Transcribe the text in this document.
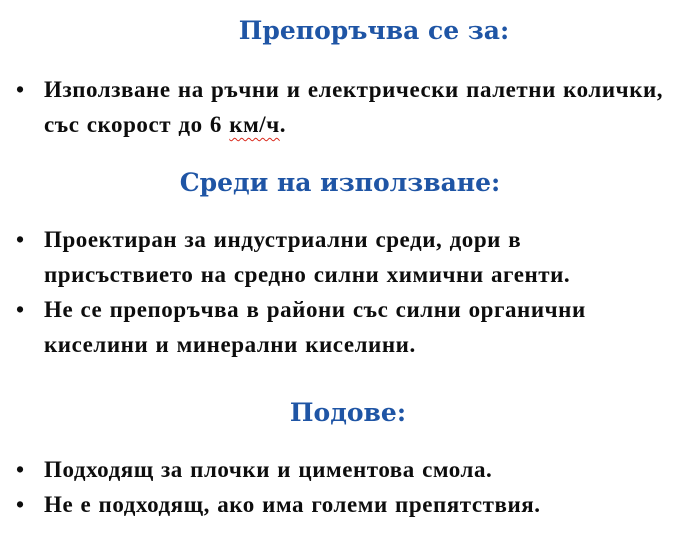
Препоръчва се за:
• Използване на ръчни и електрически палетни колички, със скорост до 6 км/ч.
Среди на използване:
• Проектиран за индустриални среди, дори в присъствието на средно силни химични агенти.
• Не се препоръчва в райони със силни органични киселини и минерални киселини.
Подове:
• Подходящ за плочки и циментова смола.
• Не е подходящ, ако има големи препятствия.
